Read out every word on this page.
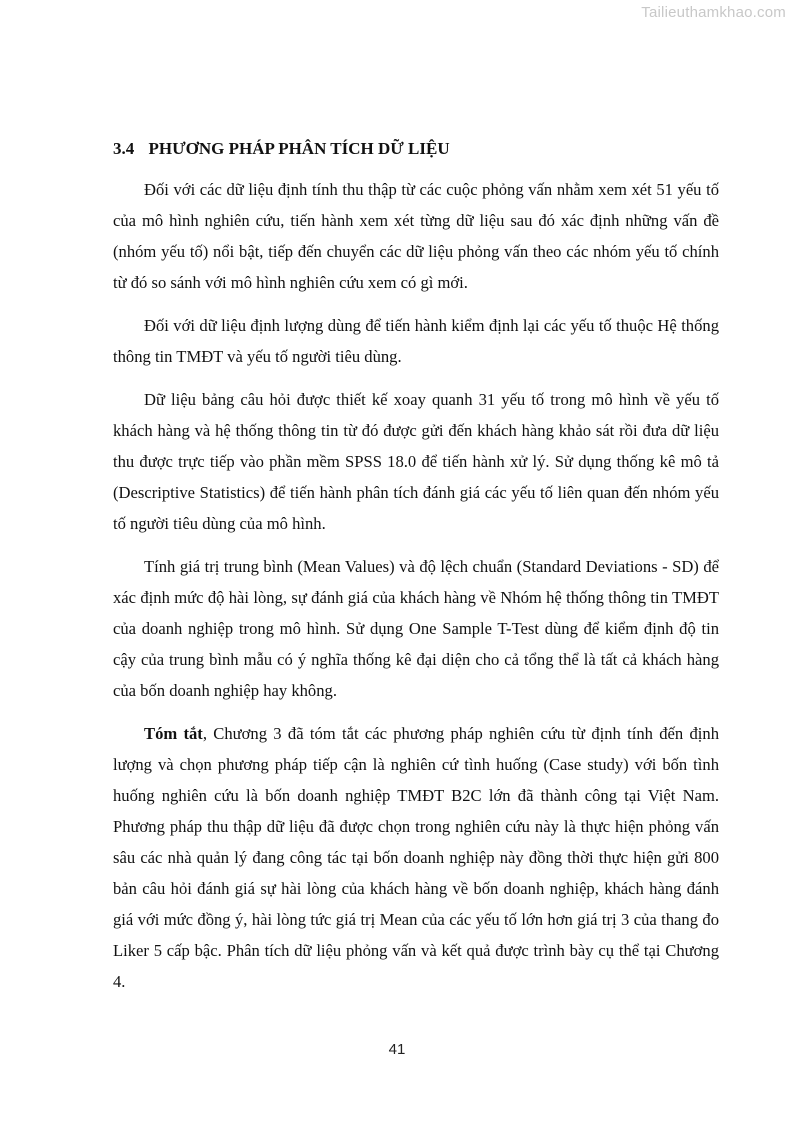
Tailieuthamkhao.com
3.4 PHƯƠNG PHÁP PHÂN TÍCH DỮ LIỆU

Đối với các dữ liệu định tính thu thập từ các cuộc phỏng vấn nhằm xem xét 51 yếu tố của mô hình nghiên cứu, tiến hành xem xét từng dữ liệu sau đó xác định những vấn đề (nhóm yếu tố) nổi bật, tiếp đến chuyển các dữ liệu phỏng vấn theo các nhóm yếu tố chính từ đó so sánh với mô hình nghiên cứu xem có gì mới.

Đối với dữ liệu định lượng dùng để tiến hành kiểm định lại các yếu tố thuộc Hệ thống thông tin TMĐT và yếu tố người tiêu dùng.

Dữ liệu bảng câu hỏi được thiết kế xoay quanh 31 yếu tố trong mô hình về yếu tố khách hàng và hệ thống thông tin từ đó được gửi đến khách hàng khảo sát rồi đưa dữ liệu thu được trực tiếp vào phần mềm SPSS 18.0 để tiến hành xử lý. Sử dụng thống kê mô tả (Descriptive Statistics) để tiến hành phân tích đánh giá các yếu tố liên quan đến nhóm yếu tố người tiêu dùng của mô hình.

Tính giá trị trung bình (Mean Values) và độ lệch chuẩn (Standard Deviations - SD) để xác định mức độ hài lòng, sự đánh giá của khách hàng về Nhóm hệ thống thông tin TMĐT của doanh nghiệp trong mô hình. Sử dụng One Sample T-Test dùng để kiểm định độ tin cậy của trung bình mẫu có ý nghĩa thống kê đại diện cho cả tổng thể là tất cả khách hàng của bốn doanh nghiệp hay không.

Tóm tắt, Chương 3 đã tóm tắt các phương pháp nghiên cứu từ định tính đến định lượng và chọn phương pháp tiếp cận là nghiên cứ tình huống (Case study) với bốn tình huống nghiên cứu là bốn doanh nghiệp TMĐT B2C lớn đã thành công tại Việt Nam. Phương pháp thu thập dữ liệu đã được chọn trong nghiên cứu này là thực hiện phỏng vấn sâu các nhà quản lý đang công tác tại bốn doanh nghiệp này đồng thời thực hiện gửi 800 bản câu hỏi đánh giá sự hài lòng của khách hàng về bốn doanh nghiệp, khách hàng đánh giá với mức đồng ý, hài lòng tức giá trị Mean của các yếu tố lớn hơn giá trị 3 của thang đo Liker 5 cấp bậc. Phân tích dữ liệu phỏng vấn và kết quả được trình bày cụ thể tại Chương 4.

41
